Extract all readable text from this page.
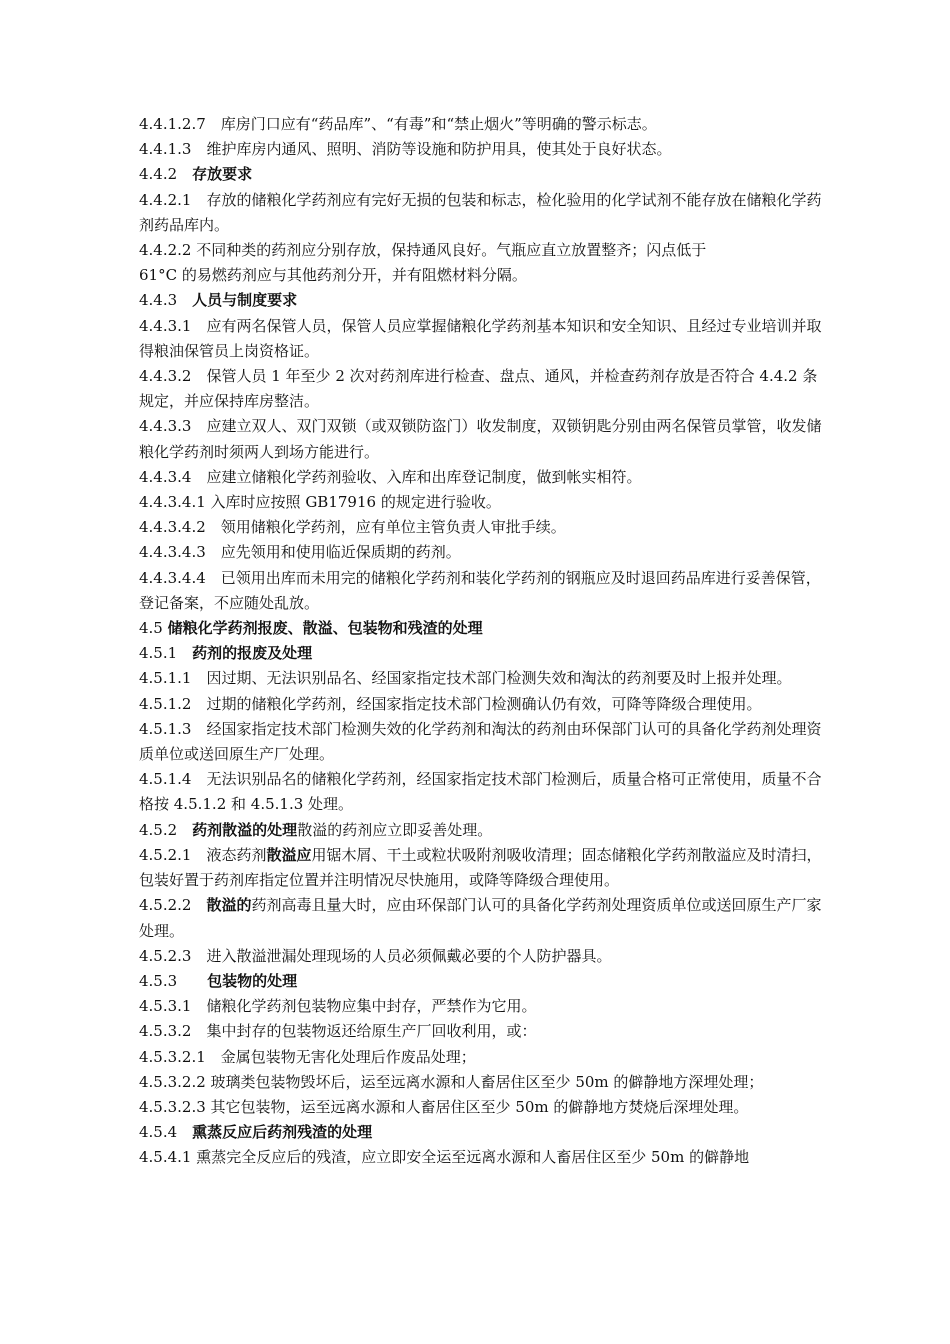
4.4.1.2.7　库房门口应有“药品库”、“有毒”和“禁止烟火”等明确的警示标志。

4.4.1.3　维护库房内通风、照明、消防等设施和防护用具，使其处于良好状态。

4.4.2　存放要求

4.4.2.1　存放的储粮化学药剂应有完好无损的包装和标志，检化验用的化学试剂不能存放在储粮化学药剂药品库内。

4.4.2.2 不同种类的药剂应分别存放，保持通风良好。气瓶应直立放置整齐；闪点低于
61°C 的易燃药剂应与其他药剂分开，并有阻燃材料分隔。

4.4.3　人员与制度要求

4.4.3.1　应有两名保管人员，保管人员应掌握储粮化学药剂基本知识和安全知识、且经过专业培训并取得粮油保管员上岗资格证。

4.4.3.2　保管人员 1 年至少 2 次对药剂库进行检查、盘点、通风，并检查药剂存放是否符合 4.4.2 条规定，并应保持库房整洁。

4.4.3.3　应建立双人、双门双锁（或双锁防盗门）收发制度，双锁钥匙分别由两名保管员掌管，收发储粮化学药剂时须两人到场方能进行。

4.4.3.4　应建立储粮化学药剂验收、入库和出库登记制度，做到帐实相符。

4.4.3.4.1 入库时应按照 GB17916 的规定进行验收。

4.4.3.4.2　领用储粮化学药剂，应有单位主管负责人审批手续。

4.4.3.4.3　应先领用和使用临近保质期的药剂。

4.4.3.4.4　已领用出库而未用完的储粮化学药剂和装化学药剂的钢瓶应及时退回药品库进行妥善保管，登记备案，不应随处乱放。

4.5 储粮化学药剂报废、散溢、包装物和残渣的处理

4.5.1　药剂的报废及处理

4.5.1.1　因过期、无法识别品名、经国家指定技术部门检测失效和淘汰的药剂要及时上报并处理。

4.5.1.2　过期的储粮化学药剂，经国家指定技术部门检测确认仍有效，可降等降级合理使用。

4.5.1.3　经国家指定技术部门检测失效的化学药剂和淘汰的药剂由环保部门认可的具备化学药剂处理资质单位或送回原生产厂处理。

4.5.1.4　无法识别品名的储粮化学药剂，经国家指定技术部门检测后，质量合格可正常使用，质量不合格按 4.5.1.2 和 4.5.1.3 处理。

4.5.2　药剂散溢的处理散溢的药剂应立即妥善处理。

4.5.2.1　液态药剂散溢应用锯木屑、干土或粒状吸附剂吸收清理；固态储粮化学药剂散溢应及时清扫，包装好置于药剂库指定位置并注明情况尽快施用，或降等降级合理使用。

4.5.2.2　散溢的药剂高毒且量大时，应由环保部门认可的具备化学药剂处理资质单位或送回原生产厂家处理。

4.5.2.3　进入散溢泄漏处理现场的人员必须佩戴必要的个人防护器具。

4.5.3　　包装物的处理

4.5.3.1　储粮化学药剂包装物应集中封存，严禁作为它用。

4.5.3.2　集中封存的包装物返还给原生产厂回收利用，或：

4.5.3.2.1　金属包装物无害化处理后作废品处理；

4.5.3.2.2 玻璃类包装物毁坏后，运至远离水源和人畜居住区至少 50m 的僻静地方深埋处理；

4.5.3.2.3 其它包装物，运至远离水源和人畜居住区至少 50m 的僻静地方焚烧后深埋处理。

4.5.4　熏蒸反应后药剂残渣的处理

4.5.4.1 熏蒸完全反应后的残渣，应立即安全运至远离水源和人畜居住区至少 50m 的僻静地
